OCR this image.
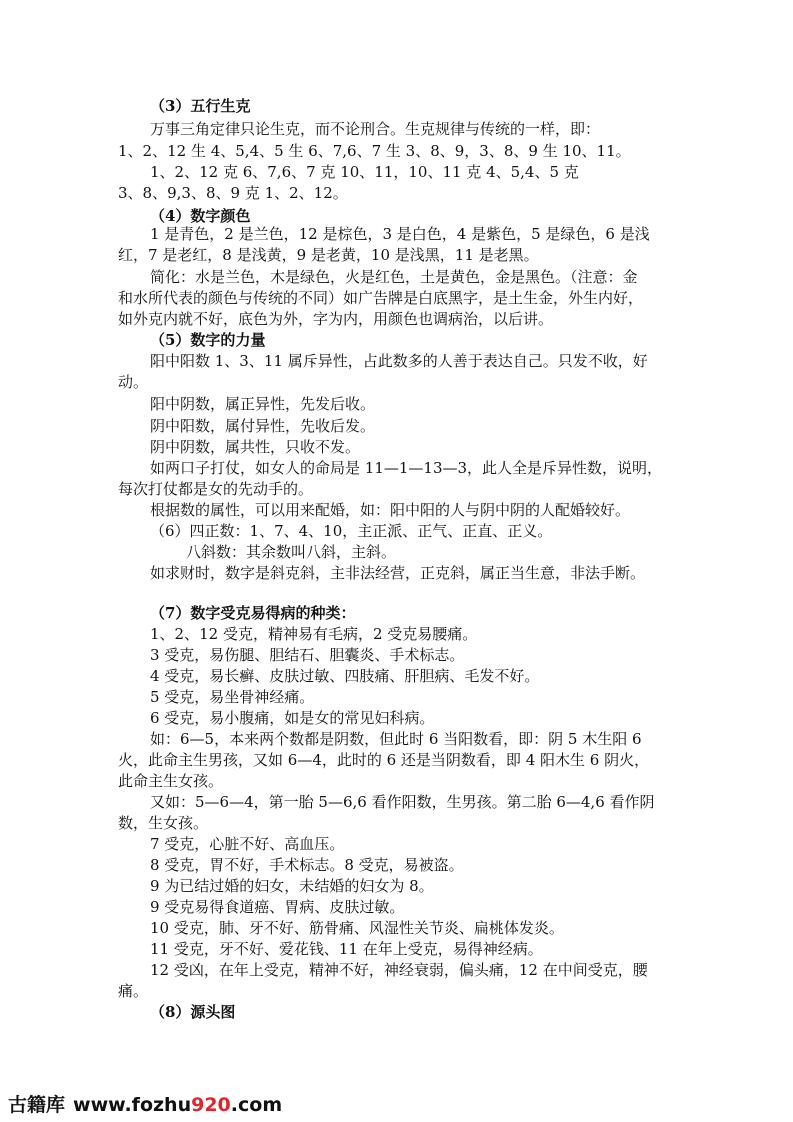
（3）五行生克
万事三角定律只论生克，而不论刑合。生克规律与传统的一样，即：
1、2、12 生 4、5,4、5 生 6、7,6、7 生 3、8、9，3、8、9 生 10、11。
1、2、12 克 6、7,6、7 克 10、11，10、11 克 4、5,4、5 克
3、8、9,3、8、9 克 1、2、12。
（4）数字颜色
1 是青色，2 是兰色，12 是棕色，3 是白色，4 是紫色，5 是绿色，6 是浅
红，7 是老红，8 是浅黄，9 是老黄，10 是浅黑，11 是老黑。
简化：水是兰色，木是绿色，火是红色，土是黄色，金是黑色。（注意：金
和水所代表的颜色与传统的不同）如广告牌是白底黑字，是土生金，外生内好，
如外克内就不好，底色为外，字为内，用颜色也调病治，以后讲。
（5）数字的力量
阳中阳数 1、3、11 属斥异性，占此数多的人善于表达自己。只发不收，好
动。
阳中阴数，属正异性，先发后收。
阴中阳数，属付异性，先收后发。
阴中阴数，属共性，只收不发。
如两口子打仗，如女人的命局是 11—1—13—3，此人全是斥异性数，说明，
每次打仗都是女的先动手的。
根据数的属性，可以用来配婚，如：阳中阳的人与阴中阴的人配婚较好。
（6）四正数：1、7、4、10，主正派、正气、正直、正义。
八斜数：其余数叫八斜，主斜。
如求财时，数字是斜克斜，主非法经营，正克斜，属正当生意，非法手断。
（7）数字受克易得病的种类：
1、2、12 受克，精神易有毛病，2 受克易腰痛。
3 受克，易伤腿、胆结石、胆囊炎、手术标志。
4 受克，易长癣、皮肤过敏、四肢痛、肝胆病、毛发不好。
5 受克，易坐骨神经痛。
6 受克，易小腹痛，如是女的常见妇科病。
如：6—5，本来两个数都是阴数，但此时 6 当阳数看，即：阴 5 木生阳 6
火，此命主生男孩，又如 6—4，此时的 6 还是当阴数看，即 4 阳木生 6 阴火，
此命主生女孩。
又如：5—6—4，第一胎 5—6,6 看作阳数，生男孩。第二胎 6—4,6 看作阴
数，生女孩。
7 受克，心脏不好、高血压。
8 受克，胃不好，手术标志。8 受克，易被盗。
9 为已结过婚的妇女，未结婚的妇女为 8。
9 受克易得食道癌、胃病、皮肤过敏。
10 受克，肺、牙不好、筋骨痛、风湿性关节炎、扁桃体发炎。
11 受克，牙不好、爱花钱、11 在年上受克，易得神经病。
12 受凶，在年上受克，精神不好，神经衰弱，偏头痛，12 在中间受克，腰
痛。
（8）源头图
古籍库 www.fozhu920.com
